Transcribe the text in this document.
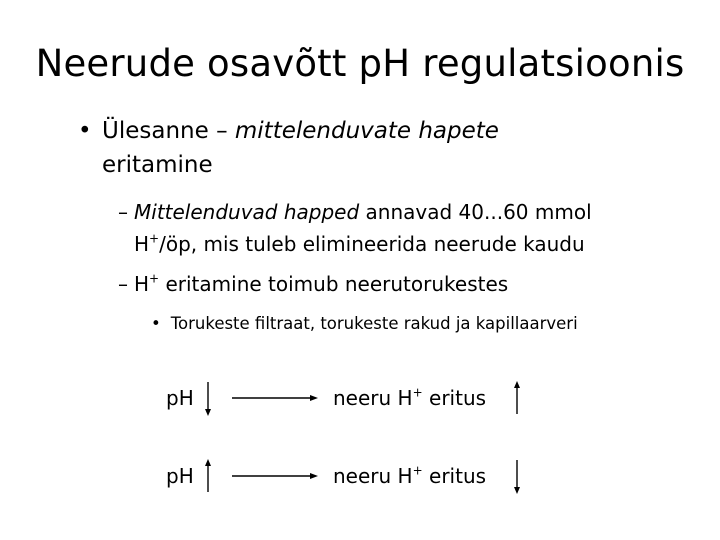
Neerude osavõtt pH regulatsioonis
• Ülesanne – mittelenduvate hapete
eritamine
– Mittelenduvad happed annavad 40...60 mmol
H+/öp, mis tuleb elimineerida neerude kaudu
– H+ eritamine toimub neerutorukestes
• Torukeste filtraat, torukeste rakud ja kapillaarveri
pH	neeru H+ eritus
pH	neeru H+ eritus
